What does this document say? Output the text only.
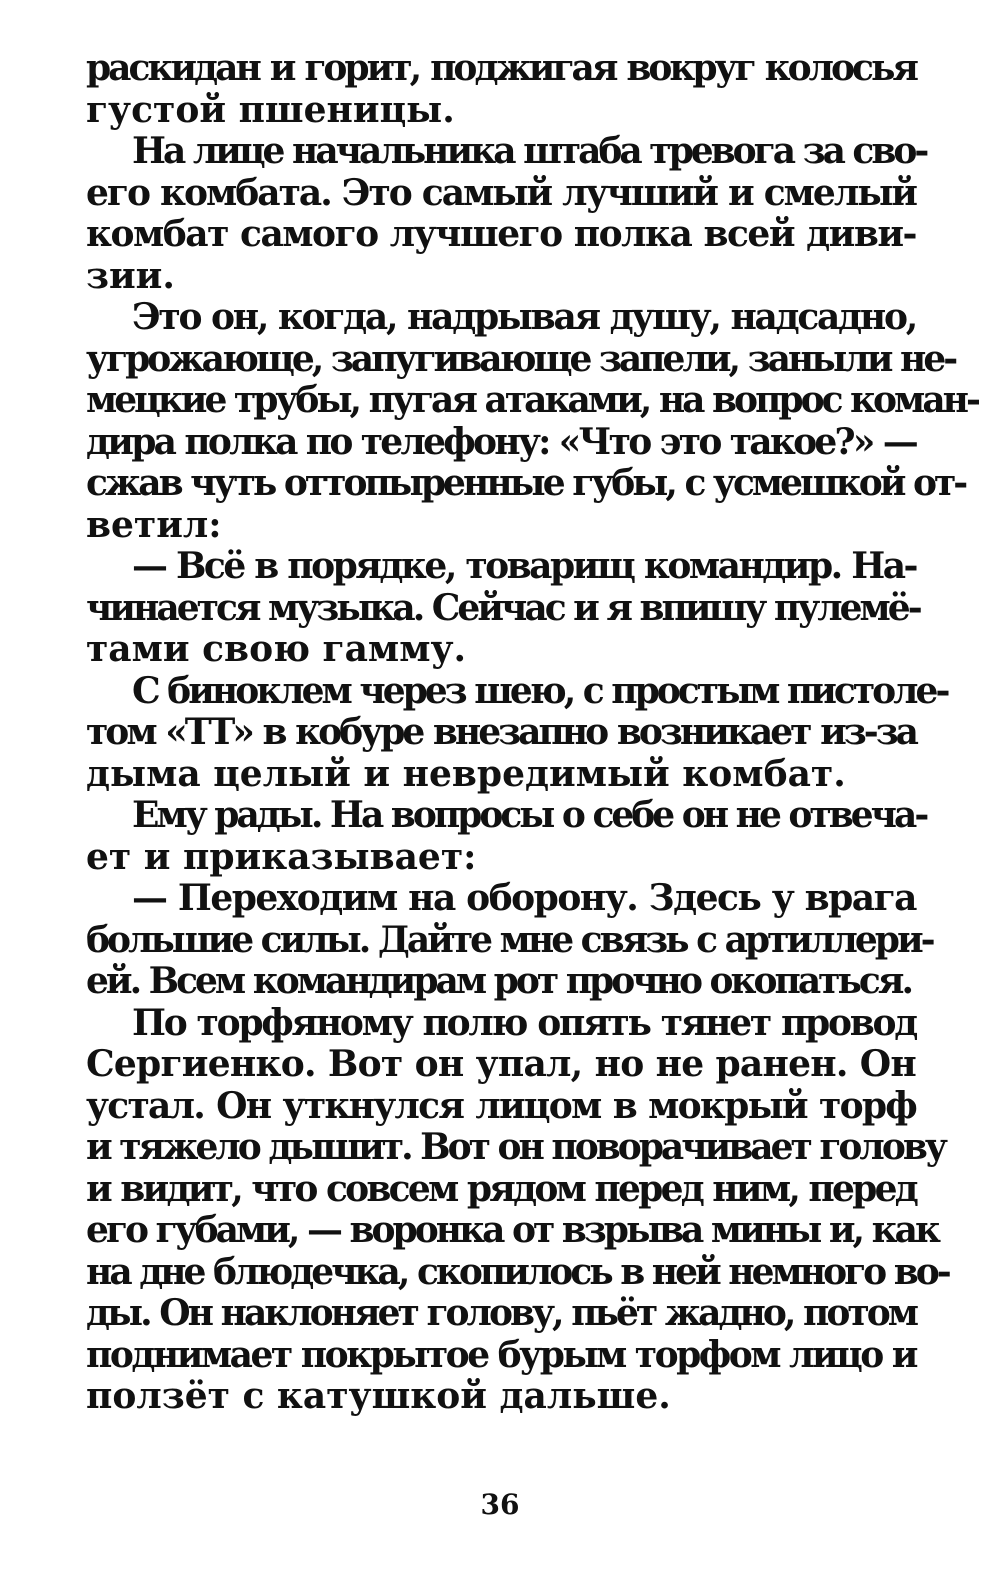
раскидан и горит, поджигая вокруг колосья
густой пшеницы.
На лице начальника штаба тревога за сво-
его комбата. Это самый лучший и смелый
комбат самого лучшего полка всей диви-
зии.
Это он, когда, надрывая душу, надсадно,
угрожающе, запугивающе запели, заныли не-
мецкие трубы, пугая атаками, на вопрос коман-
дира полка по телефону: «Что это такое?» —
сжав чуть оттопыренные губы, с усмешкой от-
ветил:
— Всё в порядке, товарищ командир. На-
чинается музыка. Сейчас и я впишу пулемё-
тами свою гамму.
С биноклем через шею, с простым пистоле-
том «ТТ» в кобуре внезапно возникает из-за
дыма целый и невредимый комбат.
Ему рады. На вопросы о себе он не отвеча-
ет и приказывает:
— Переходим на оборону. Здесь у врага
большие силы. Дайте мне связь с артиллери-
ей. Всем командирам рот прочно окопаться.
По торфяному полю опять тянет провод
Сергиенко. Вот он упал, но не ранен. Он
устал. Он уткнулся лицом в мокрый торф
и тяжело дышит. Вот он поворачивает голову
и видит, что совсем рядом перед ним, перед
его губами, — воронка от взрыва мины и, как
на дне блюдечка, скопилось в ней немного во-
ды. Он наклоняет голову, пьёт жадно, потом
поднимает покрытое бурым торфом лицо и
ползёт с катушкой дальше.
36
